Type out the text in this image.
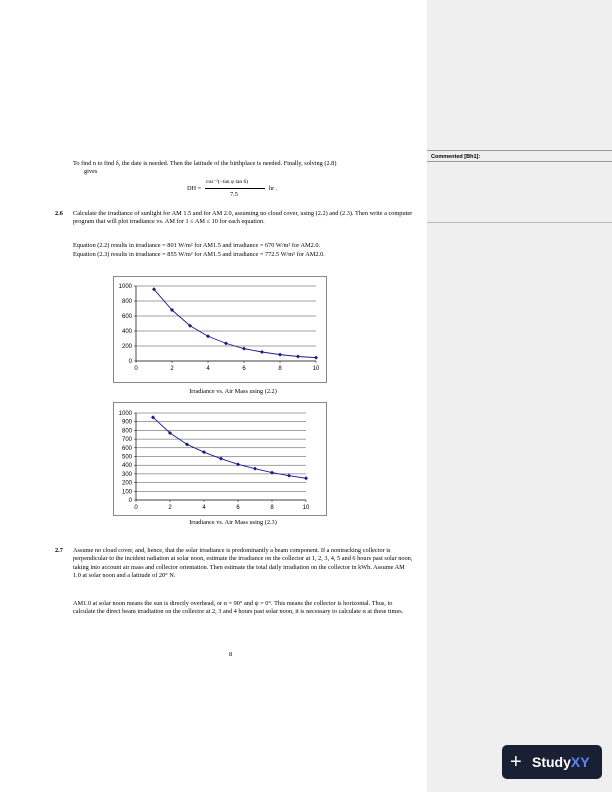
Commented [Bh1]:
To find n to find δ, the date is needed. Then the latitude of the birthplace is needed. Finally, solving (2.8)
gives
DH =
cos⁻¹(−tan φ tan δ)
7.5
hr .
2.6 Calculate the irradiance of sunlight for AM 1.5 and for AM 2.0, assuming no cloud cover, using (2.2) and (2.3). Then write a computer program that will plot irradiance vs. AM for 1 ≤ AM ≤ 10 for each equation.
Equation (2.2) results in irradiance = 801 W/m² for AM1.5 and irradiance = 670 W/m² for AM2.0.
Equation (2.3) results in irradiance = 855 W/m² for AM1.5 and irradiance = 772.5 W/m² for AM2.0.
0
200
400
600
800
1000
0	2	4	6	8	10
Irradiance vs. Air Mass using (2.2)
0
100
200
300
400
500
600
700
800
900
1000
0	2	4	6	8	10
Irradiance vs. Air Mass using (2.3)
2.7 Assume no cloud cover, and, hence, that the solar irradiance is predominantly a beam component. If a nontracking collector is perpendicular to the incident radiation at solar noon, estimate the irradiance on the collector at 1, 2, 3, 4, 5 and 6 hours past solar noon, taking into account air mass and collector orientation. Then estimate the total daily irradiation on the collector in kWh. Assume AM 1.0 at solar noon and a latitude of 20° N.
AM1.0 at solar noon means the sun is directly overhead, or α = 90° and ψ = 0°. This means the collector is horizontal. Thus, to calculate the direct beam irradiation on the collector at 2, 3 and 4 hours past solar noon, it is necessary to calculate α at these times.
8
+ StudyXY
